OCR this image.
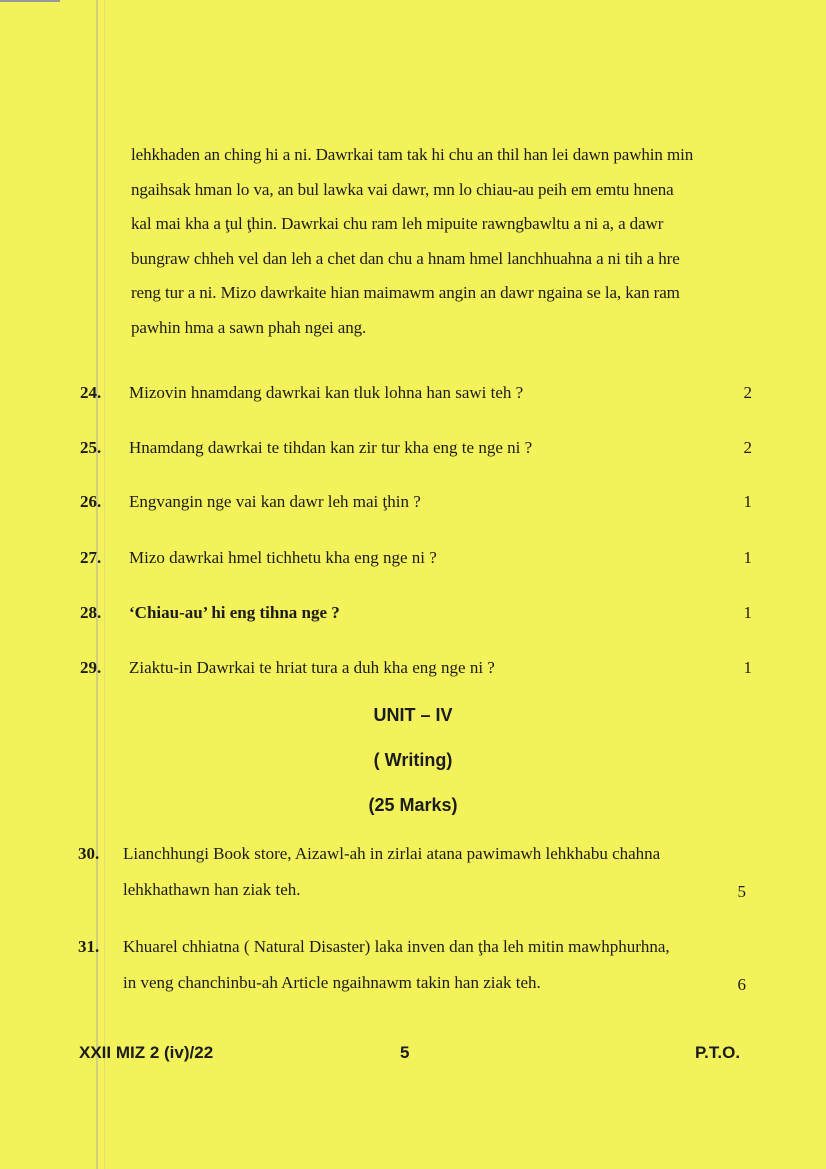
lehkhaden an ching hi a ni. Dawrkai tam tak hi chu an thil han lei dawn pawhin min

ngaihsak hman lo va, an bul lawka vai dawr, mn lo chiau-au peih em emtu hnena

kal mai kha a ţul ţhin. Dawrkai chu ram leh mipuite rawngbawltu a ni a, a dawr

bungraw chheh vel dan leh a chet dan chu a hnam hmel lanchhuahna a ni tih a hre

reng tur a ni. Mizo dawrkaite hian maimawm angin an dawr ngaina se la, kan ram

pawhin hma a sawn phah ngei ang.

24. Mizovin hnamdang dawrkai kan tluk lohna han sawi teh ?	2
25. Hnamdang dawrkai te tihdan kan zir tur kha eng te nge ni ?	2
26. Engvangin nge vai kan dawr leh mai ţhin ?	1
27. Mizo dawrkai hmel tichhetu kha eng nge ni ?	1
28. ‘Chiau-au’ hi eng tihna nge ?	1
29. Ziaktu-in Dawrkai te hriat tura a duh kha eng nge ni ?	1
UNIT – IV
( Writing)
(25 Marks)
30. Lianchhungi Book store, Aizawl-ah in zirlai atana pawimawh lehkhabu chahna
lehkhathawn han ziak teh.	5
31. Khuarel chhiatna ( Natural Disaster) laka inven dan ţha leh mitin mawhphurhna,
in veng chanchinbu-ah Article ngaihnawm takin han ziak teh.	6
XXII MIZ 2 (iv)/22	5	P.T.O.
